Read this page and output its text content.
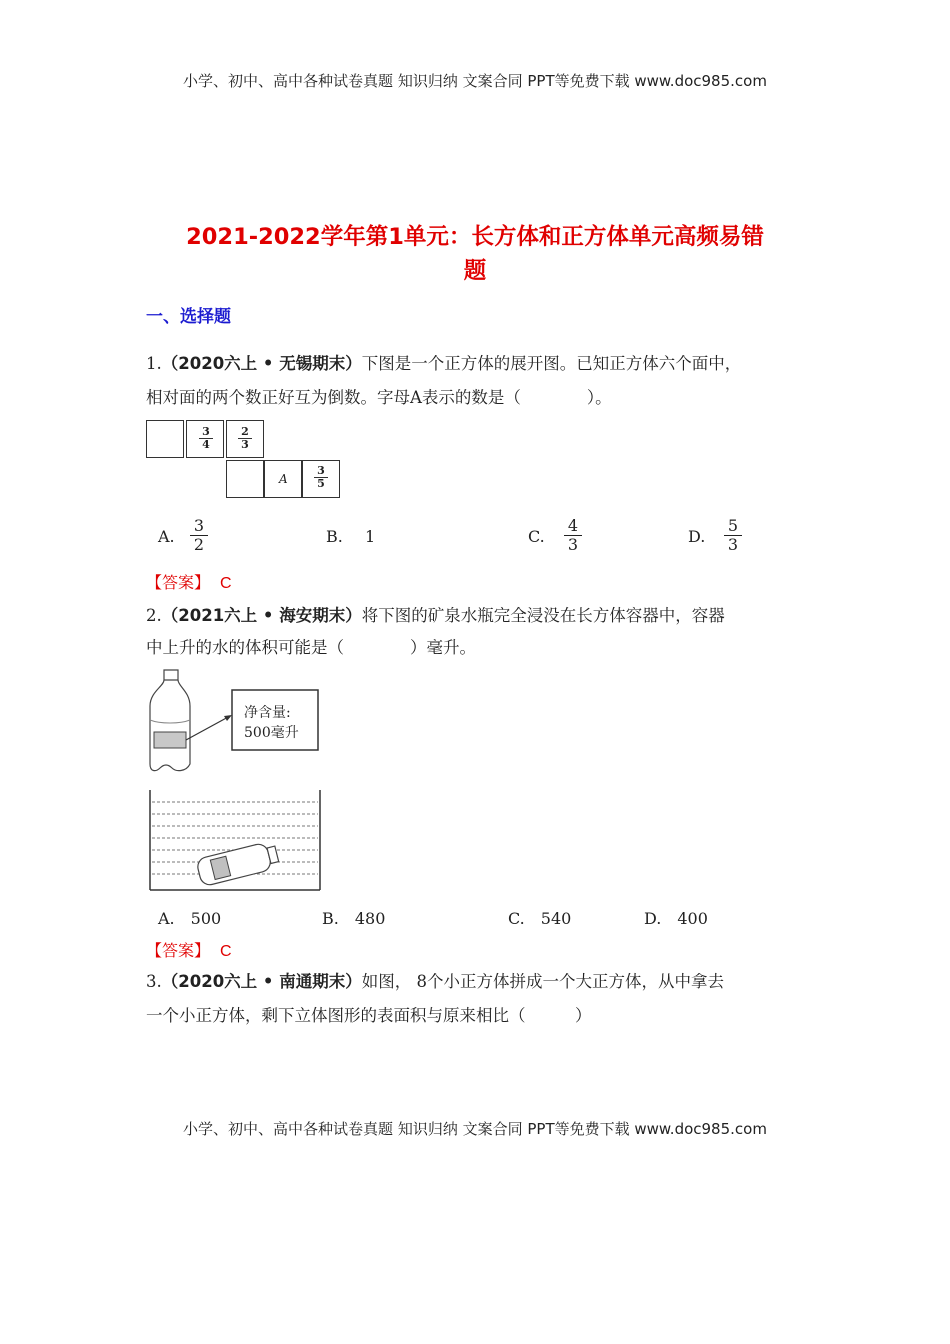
小学、初中、高中各种试卷真题 知识归纳 文案合同 PPT等免费下载 www.doc985.com
2021-2022学年第1单元：长方体和正方体单元高频易错
题
一、选择题
1.（2020六上 • 无锡期末）下图是一个正方体的展开图。已知正方体六个面中，
相对面的两个数正好互为倒数。字母A表示的数是（　　　　）。
3
4
2
3
A
3
5
A. $\frac{3}{2}$	B. 1	C. $\frac{4}{3}$	D. $\frac{5}{3}$
【答案】 C
2.（2021六上 • 海安期末）将下图的矿泉水瓶完全浸没在长方体容器中，容器
中上升的水的体积可能是（　　　　）毫升。
净含量:
500毫升
A.　500	B.　480	C.　540	D.　400
【答案】 C
3.（2020六上 • 南通期末）如图， 8个小正方体拼成一个大正方体，从中拿去
一个小正方体，剩下立体图形的表面积与原来相比（　　　）
小学、初中、高中各种试卷真题 知识归纳 文案合同 PPT等免费下载 www.doc985.com
